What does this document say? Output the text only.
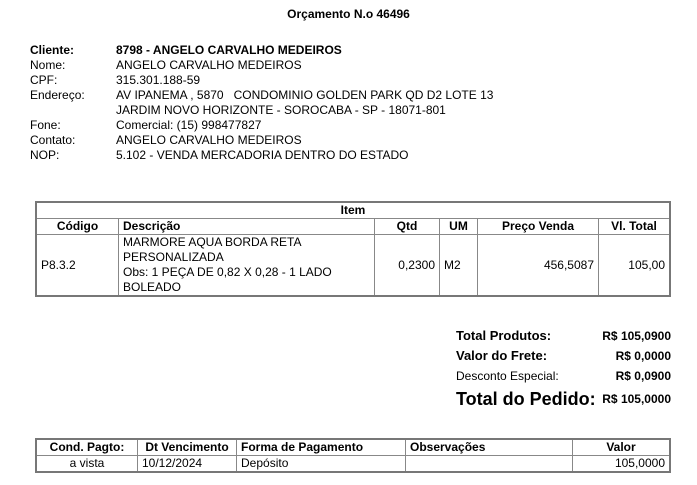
Orçamento N.o 46496
Cliente:	8798 - ANGELO CARVALHO MEDEIROS
Nome:	ANGELO CARVALHO MEDEIROS
CPF:	315.301.188-59
Endereço:	AV IPANEMA , 5870   CONDOMINIO GOLDEN PARK QD D2 LOTE 13
	JARDIM NOVO HORIZONTE - SOROCABA - SP - 18071-801
Fone:	Comercial: (15) 998477827
Contato:	ANGELO CARVALHO MEDEIROS
NOP:	5.102 - VENDA MERCADORIA DENTRO DO ESTADO
Item					
Código	Descrição	Qtd	UM	Preço Venda	Vl. Total
P8.3.2	MARMORE AQUA BORDA RETA
PERSONALIZADA
Obs: 1 PEÇA DE 0,82 X 0,28 - 1 LADO
BOLEADO	0,2300	M2	456,5087	105,00
Total Produtos:	R$ 105,0900
Valor do Frete:	R$ 0,0000
Desconto Especial:	R$ 0,0900
Total do Pedido:	R$ 105,0000
Cond. Pagto:	Dt Vencimento	Forma de Pagamento	Observações	Valor
a vista	10/12/2024	Depósito		105,0000
